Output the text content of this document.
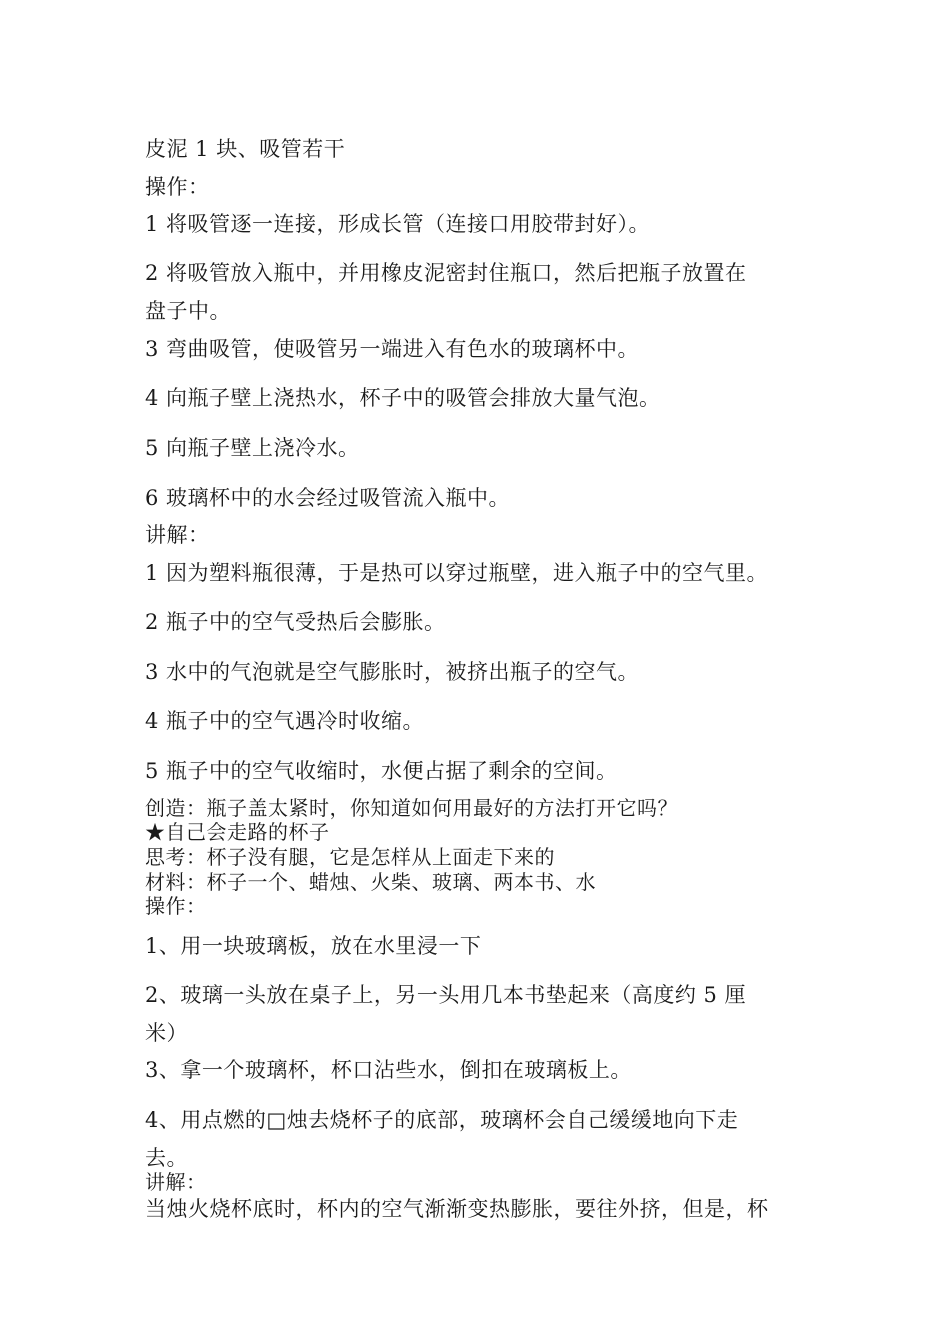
皮泥 1 块、吸管若干
操作：
1 将吸管逐一连接，形成长管（连接口用胶带封好）。
2 将吸管放入瓶中，并用橡皮泥密封住瓶口，然后把瓶子放置在
盘子中。
3 弯曲吸管，使吸管另一端进入有色水的玻璃杯中。
4 向瓶子壁上浇热水，杯子中的吸管会排放大量气泡。
5 向瓶子壁上浇冷水。
6 玻璃杯中的水会经过吸管流入瓶中。
讲解：
1 因为塑料瓶很薄，于是热可以穿过瓶壁，进入瓶子中的空气里。
2 瓶子中的空气受热后会膨胀。
3 水中的气泡就是空气膨胀时，被挤出瓶子的空气。
4 瓶子中的空气遇冷时收缩。
5 瓶子中的空气收缩时，水便占据了剩余的空间。
创造：瓶子盖太紧时，你知道如何用最好的方法打开它吗？
★自己会走路的杯子
思考：杯子没有腿，它是怎样从上面走下来的
材料：杯子一个、蜡烛、火柴、玻璃、两本书、水
操作：
1、用一块玻璃板，放在水里浸一下
2、玻璃一头放在桌子上，另一头用几本书垫起来（高度约 5 厘
米）
3、拿一个玻璃杯，杯口沾些水，倒扣在玻璃板上。
4、用点燃的□烛去烧杯子的底部，玻璃杯会自己缓缓地向下走
去。
讲解：
当烛火烧杯底时，杯内的空气渐渐变热膨胀，要往外挤，但是，杯
